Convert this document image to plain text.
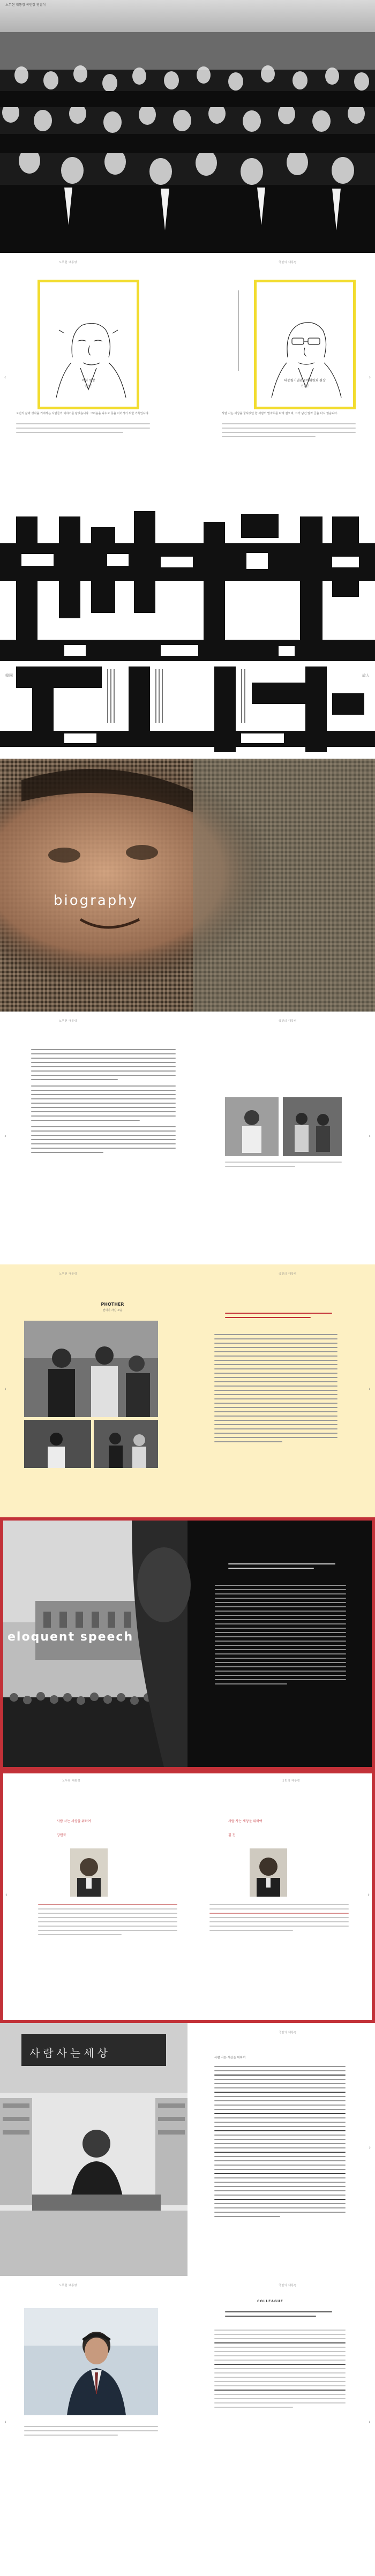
노무현 대통령 국민장 영결식
‹	›
노무현 대통령	국민의 대통령
이희 원장
발행인
고인의 삶과 생각을 기억하는 사람들의 이야기를 담았습니다. 그리움을 나누고 뜻을 이어가기 위한 기록입니다.
대통령기념관준비위원회 원장
편집인
사람 사는 세상을 꿈꾸었던 한 사람의 발자취를 따라 걸으며, 그가 남긴 말과 글을 다시 읽습니다.
韓國	故人
biography
‹	›
노무현 대통령	국민의 대통령
‹	›
노무현 대통령	국민의 대통령
PHOTHER
연대기 사진 모음
eloquent speech
‹	›
노무현 대통령	국민의 대통령
사람 사는 세상을 위하여
강원국
사람 사는 세상을 위하여
김 진
›
국민의 대통령
사람사는세상	사람 사는 세상을 위하여
‹	›
노무현 대통령	국민의 대통령
COLLEAGUE
